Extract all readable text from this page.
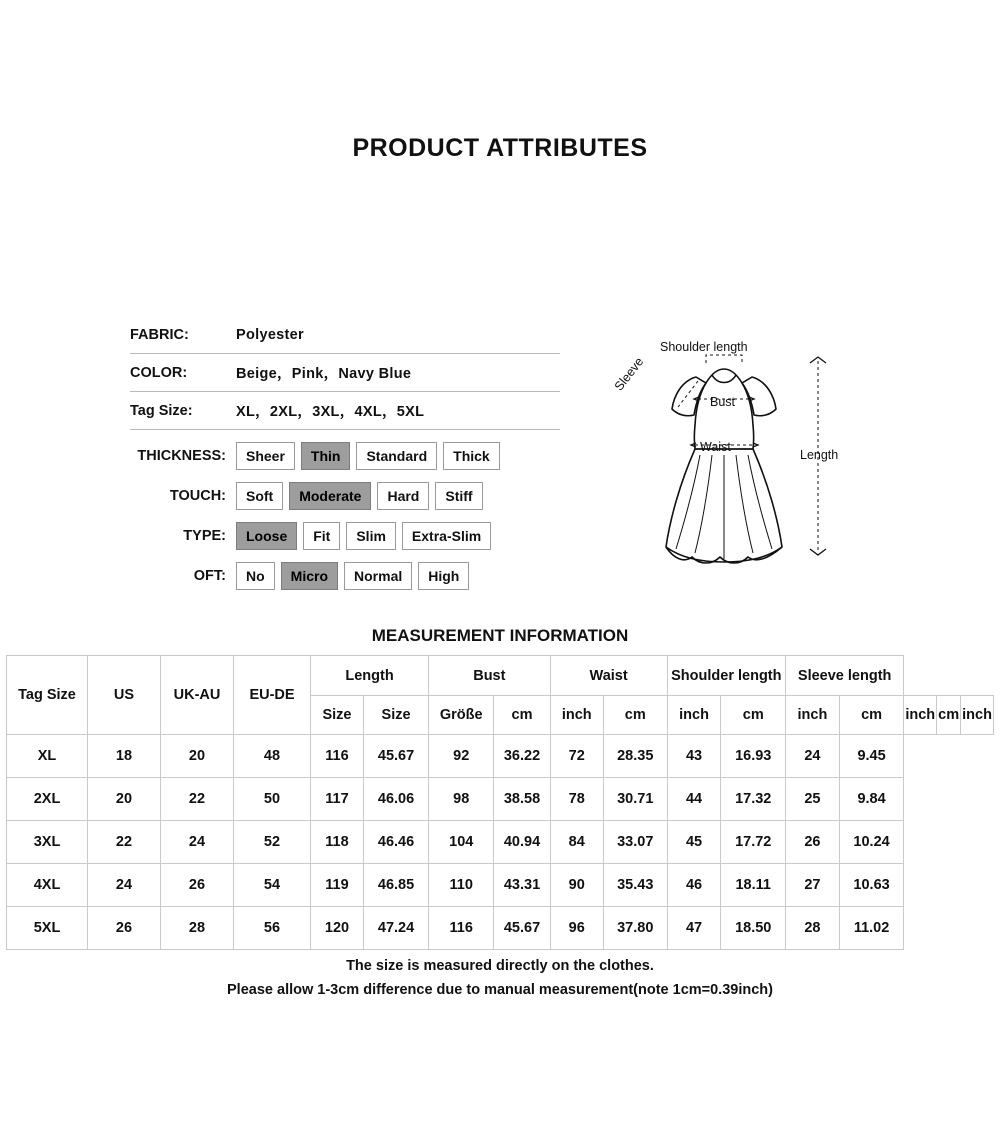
PRODUCT ATTRIBUTES
FABRIC:	Polyester
COLOR:	Beige，Pink，Navy Blue
Tag Size:	XL，2XL，3XL，4XL，5XL
THICKNESS:	Sheer	Thin	Standard	Thick
TOUCH:	Soft	Moderate	Hard	Stiff
TYPE:	Loose	Fit	Slim	Extra-Slim
OFT:	No	Micro	Normal	High
Shoulder length
Sleeve
Bust
Waist
Length
MEASUREMENT INFORMATION
Tag Size	US	UK-AU	EU-DE	Length		Bust		Waist		Shoulder length		Sleeve length				
				Size	Size	Größe	cm	inch	cm	inch	cm	inch	cm	inch	cm	inch
XL	18	20	48	116	45.67	92	36.22	72	28.35	43	16.93	24	9.45			
2XL	20	22	50	117	46.06	98	38.58	78	30.71	44	17.32	25	9.84			
3XL	22	24	52	118	46.46	104	40.94	84	33.07	45	17.72	26	10.24			
4XL	24	26	54	119	46.85	110	43.31	90	35.43	46	18.11	27	10.63			
5XL	26	28	56	120	47.24	116	45.67	96	37.80	47	18.50	28	11.02			
The size is measured directly on the clothes.
Please allow 1-3cm difference due to manual measurement(note 1cm=0.39inch)
